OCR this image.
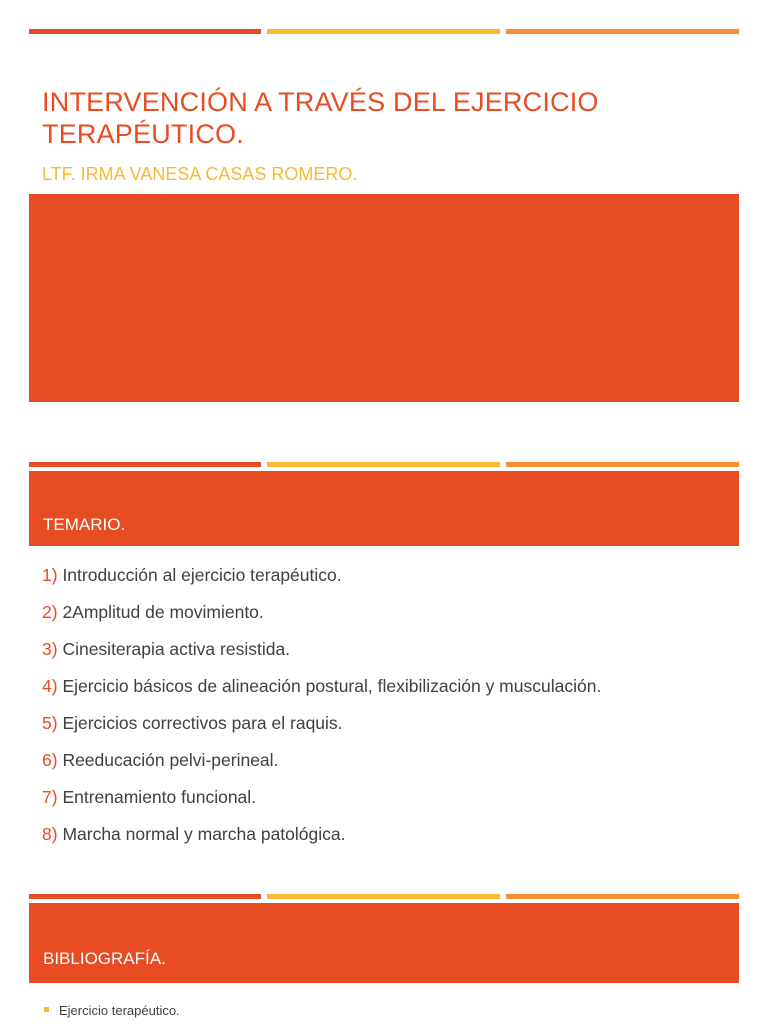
INTERVENCIÓN A TRAVÉS DEL EJERCICIO TERAPÉUTICO.

LTF. IRMA VANESA CASAS ROMERO.

TEMARIO.
1) Introducción al ejercicio terapéutico.
2) 2Amplitud de movimiento.
3) Cinesiterapia activa resistida.
4) Ejercicio básicos de alineación postural, flexibilización y musculación.
5) Ejercicios correctivos para el raquis.
6) Reeducación pelvi-perineal.
7) Entrenamiento funcional.
8) Marcha normal y marcha patológica.
BIBLIOGRAFÍA.
Ejercicio terapéutico.
